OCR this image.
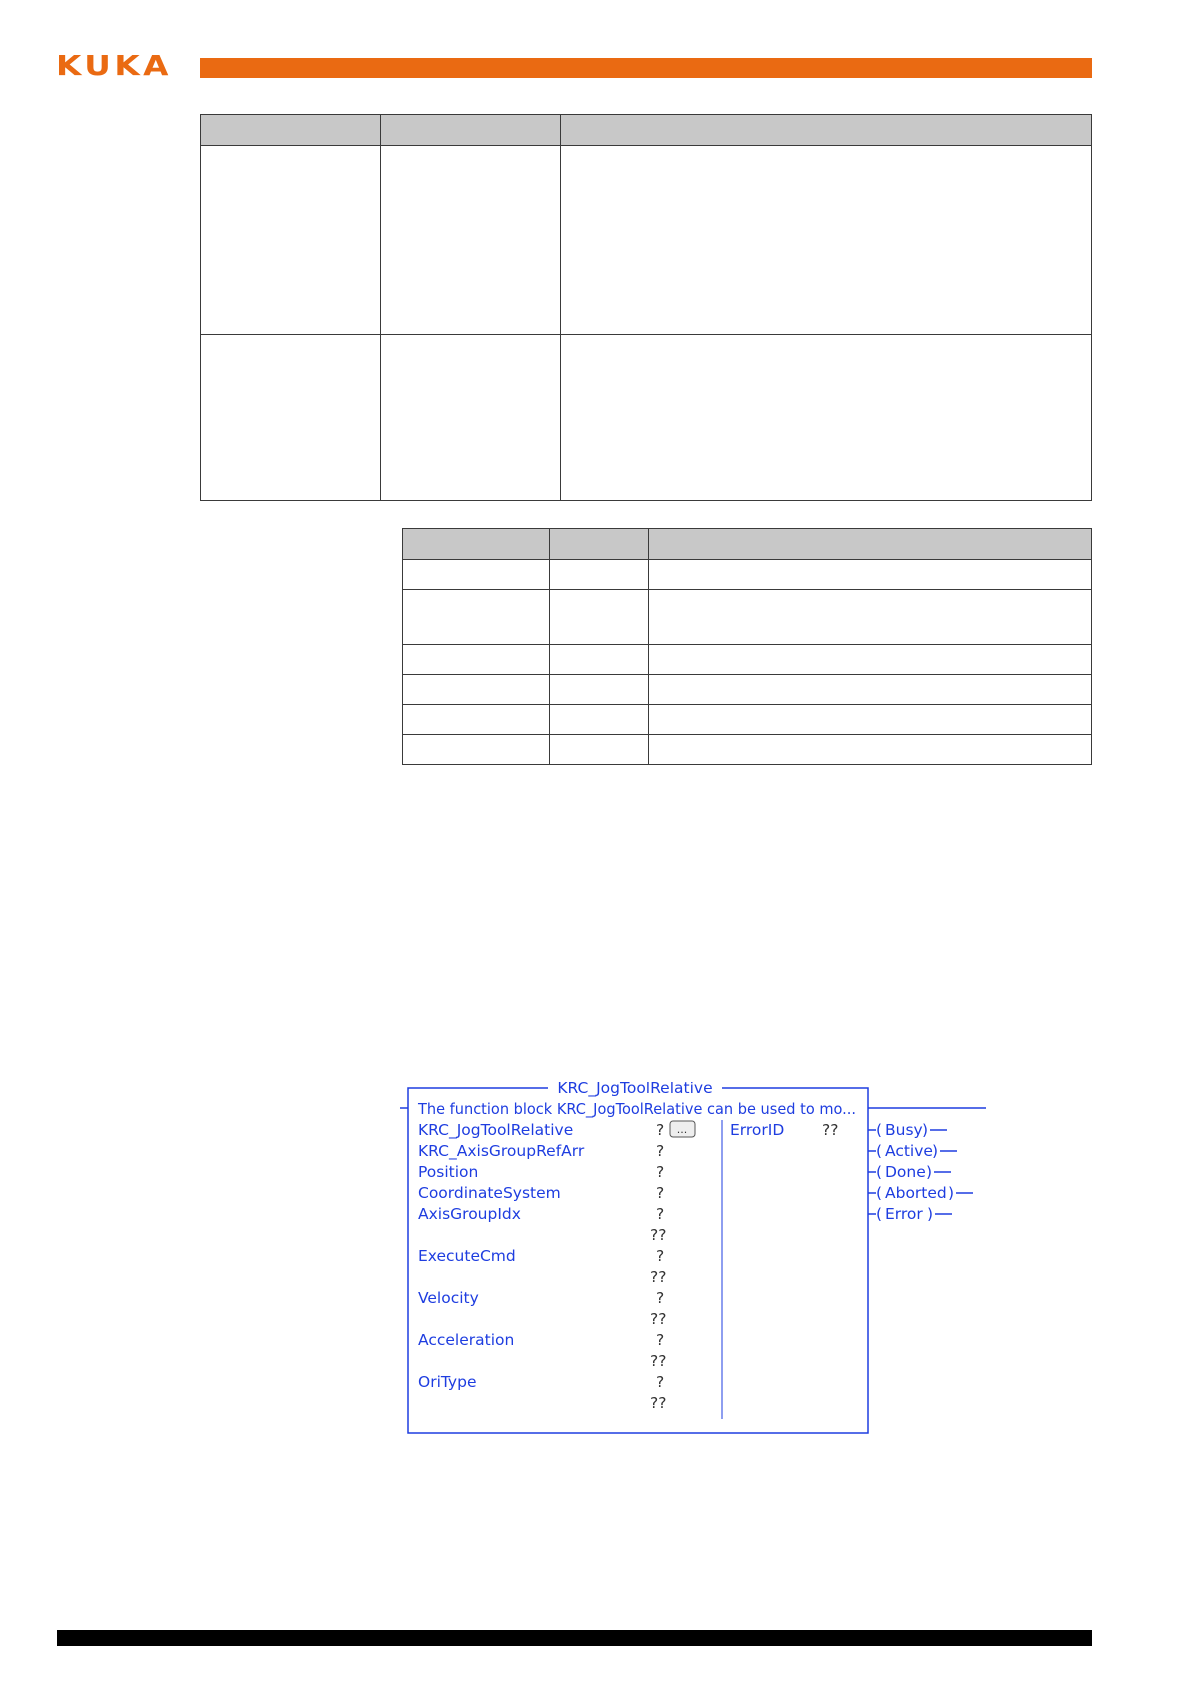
KUKA

KRC_JogToolRelative
The function block KRC_JogToolRelative can be used to mo...
KRC_JogToolRelative	?
KRC_AxisGroupRefArr	?
Position	?
CoordinateSystem	?
AxisGroupIdx	?
??
ExecuteCmd	?
??
Velocity	?
??
Acceleration	?
??
OriType	?
??
...	ErrorID ?? ( Busy )
( Active )
( Done )
( Aborted )
( Error )
